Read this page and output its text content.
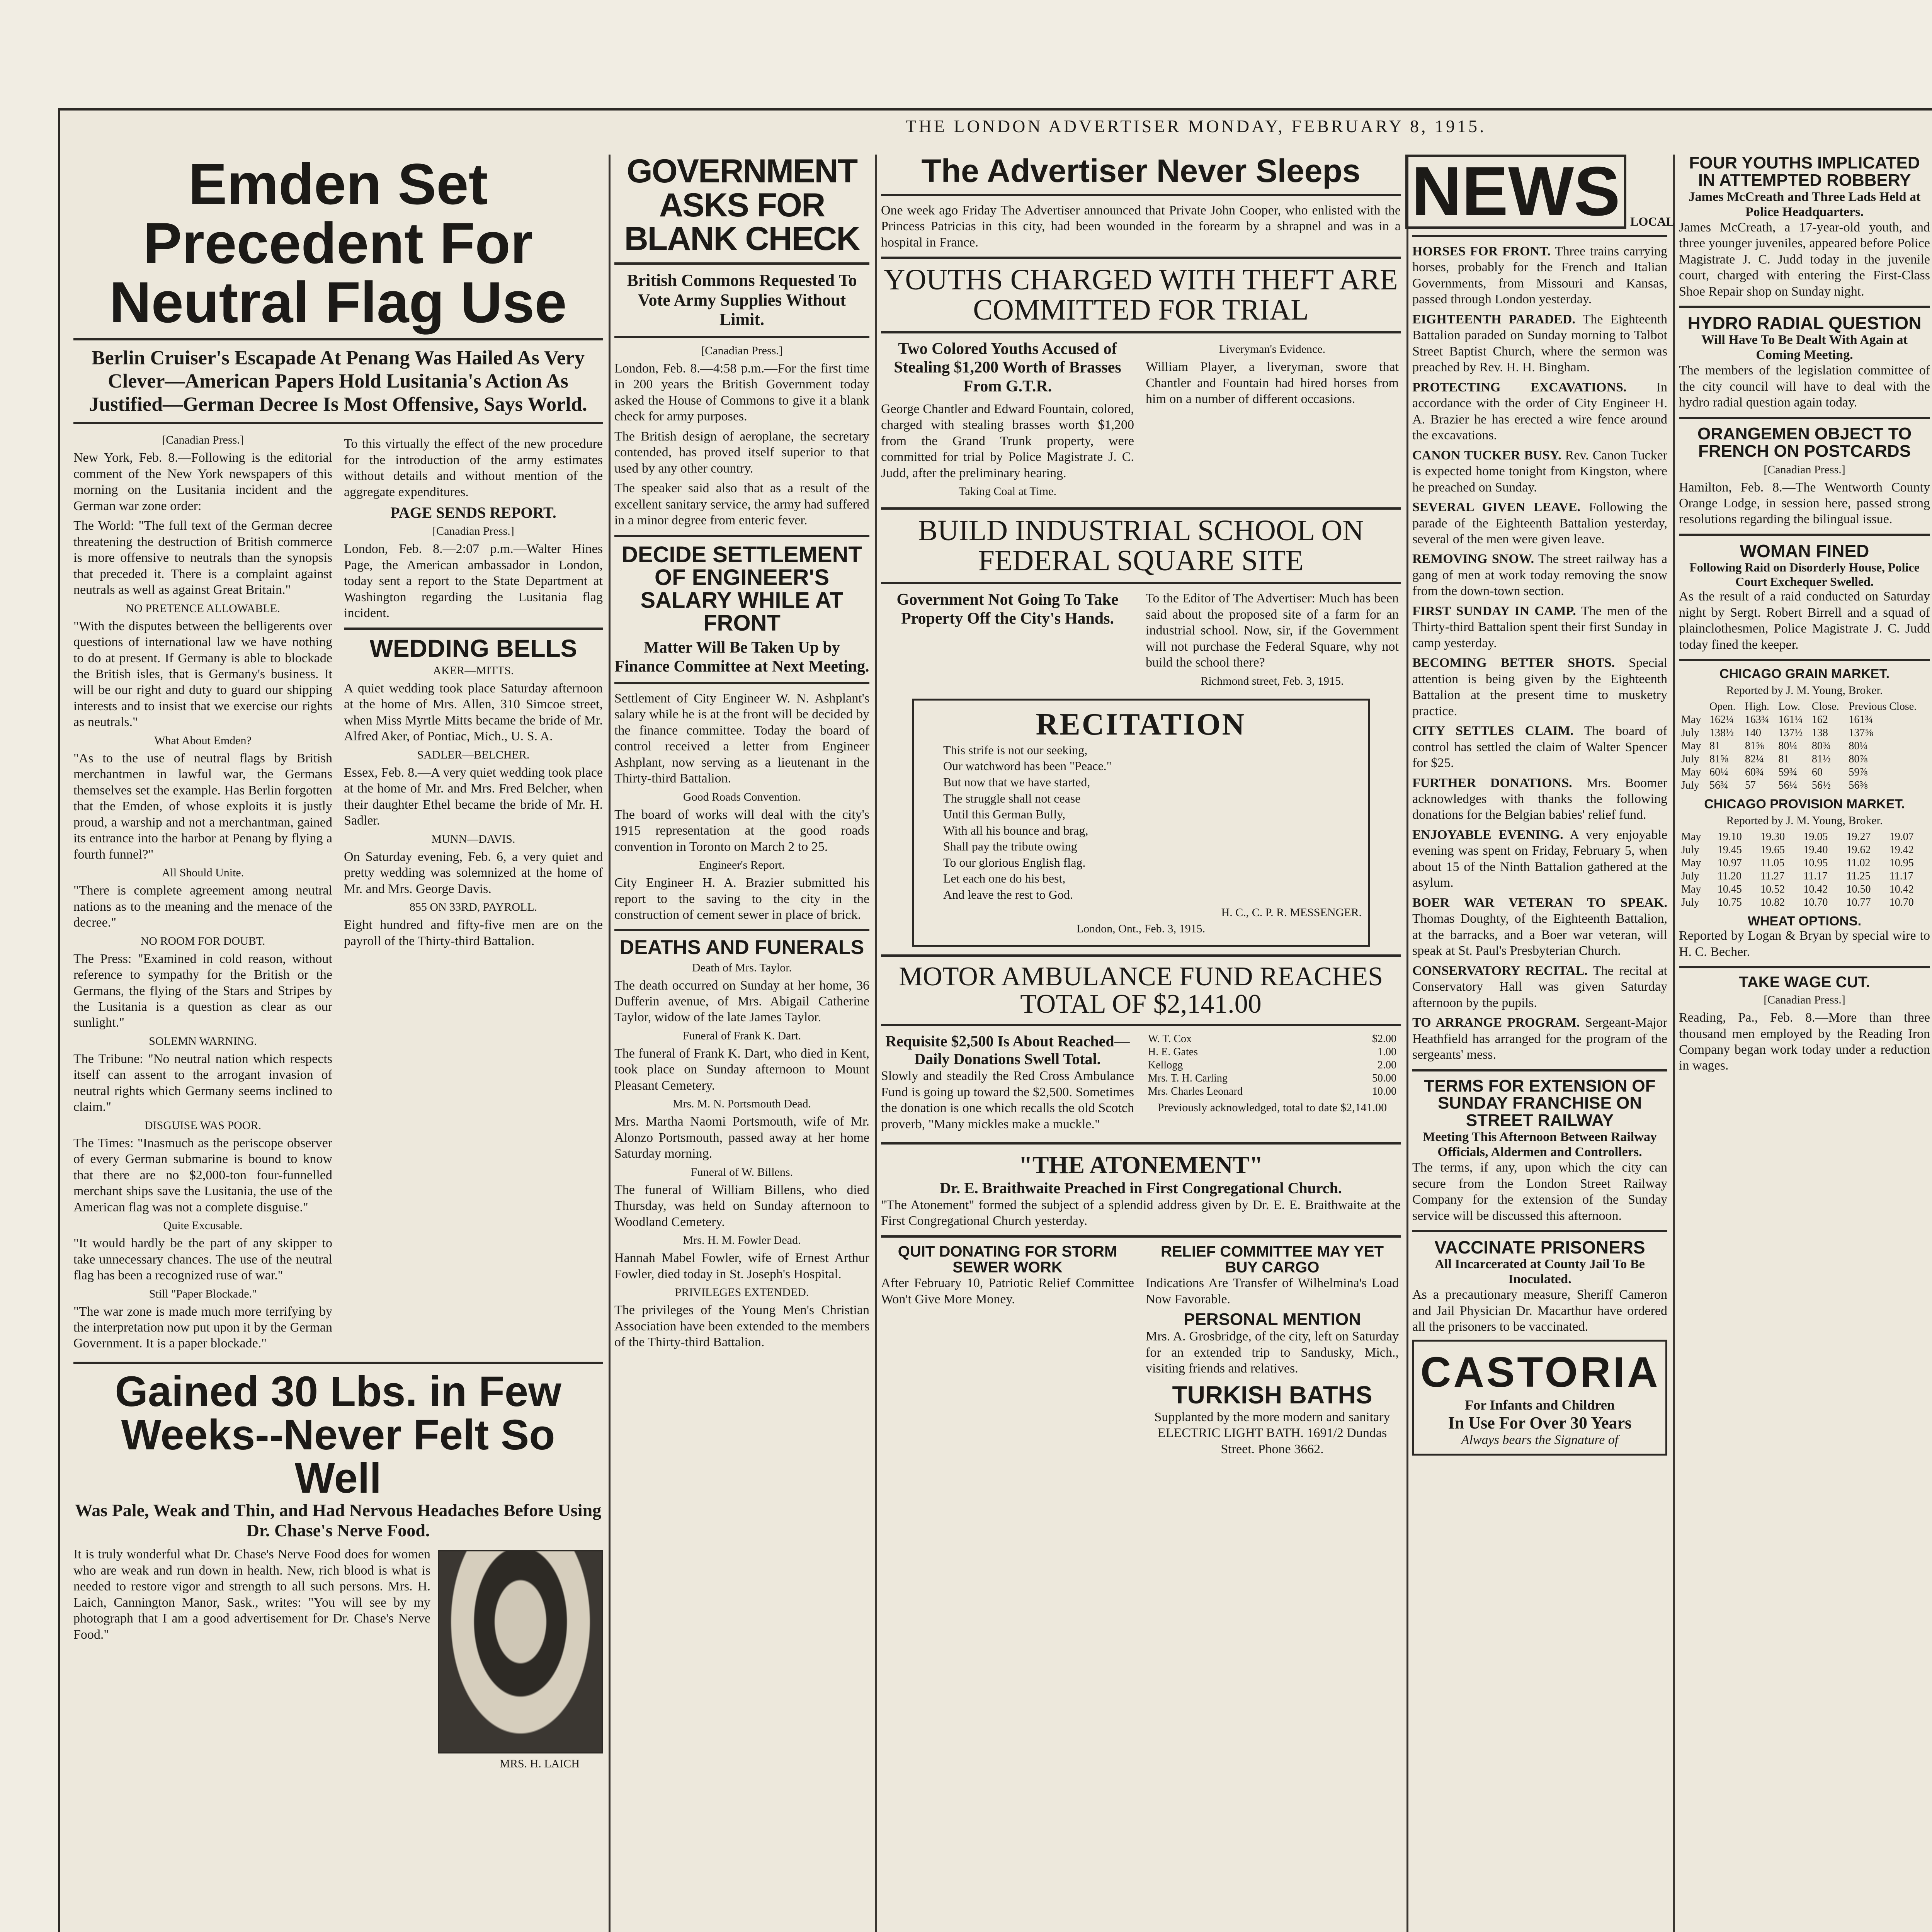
THE LONDON ADVERTISER MONDAY, FEBRUARY 8, 1915.
Emden Set Precedent For Neutral Flag Use
Berlin Cruiser's Escapade At Penang Was Hailed As Very Clever—American Papers Hold Lusitania's Action As Justified—German Decree Is Most Offensive, Says World.
[Canadian Press.]

New York, Feb. 8.—Following is the editorial comment of the New York newspapers of this morning on the Lusitania incident and the German war zone order:

The World: "The full text of the German decree threatening the destruction of British commerce is more offensive to neutrals than the synopsis that preceded it. There is a complaint against neutrals as well as against Great Britain."

NO PRETENCE ALLOWABLE.

"With the disputes between the belligerents over questions of international law we have nothing to do at present. If Germany is able to blockade the British isles, that is Germany's business. It will be our right and duty to guard our shipping interests and to insist that we exercise our rights as neutrals."

What About Emden?

"As to the use of neutral flags by British merchantmen in lawful war, the Germans themselves set the example. Has Berlin forgotten that the Emden, of whose exploits it is justly proud, a warship and not a merchantman, gained its entrance into the harbor at Penang by flying a fourth funnel?"

All Should Unite.

"There is complete agreement among neutral nations as to the meaning and the menace of the decree."

NO ROOM FOR DOUBT.

The Press: "Examined in cold reason, without reference to sympathy for the British or the Germans, the flying of the Stars and Stripes by the Lusitania is a question as clear as our sunlight."

SOLEMN WARNING.

The Tribune: "No neutral nation which respects itself can assent to the arrogant invasion of neutral rights which Germany seems inclined to claim."

DISGUISE WAS POOR.

The Times: "Inasmuch as the periscope observer of every German submarine is bound to know that there are no $2,000-ton four-funnelled merchant ships save the Lusitania, the use of the American flag was not a complete disguise."

Quite Excusable.

"It would hardly be the part of any skipper to take unnecessary chances. The use of the neutral flag has been a recognized ruse of war."

Still "Paper Blockade."

"The war zone is made much more terrifying by the interpretation now put upon it by the German Government. It is a paper blockade."

To this virtually the effect of the new procedure for the introduction of the army estimates without details and without mention of the aggregate expenditures.

PAGE SENDS REPORT.
[Canadian Press.]

London, Feb. 8.—2:07 p.m.—Walter Hines Page, the American ambassador in London, today sent a report to the State Department at Washington regarding the Lusitania flag incident.

WEDDING BELLS
AKER—MITTS.

A quiet wedding took place Saturday afternoon at the home of Mrs. Allen, 310 Simcoe street, when Miss Myrtle Mitts became the bride of Mr. Alfred Aker, of Pontiac, Mich., U. S. A.

SADLER—BELCHER.

Essex, Feb. 8.—A very quiet wedding took place at the home of Mr. and Mrs. Fred Belcher, when their daughter Ethel became the bride of Mr. H. Sadler.

MUNN—DAVIS.

On Saturday evening, Feb. 6, a very quiet and pretty wedding was solemnized at the home of Mr. and Mrs. George Davis.

855 ON 33RD, PAYROLL.

Eight hundred and fifty-five men are on the payroll of the Thirty-third Battalion.

Gained 30 Lbs. in Few Weeks--Never Felt So Well
Was Pale, Weak and Thin, and Had Nervous Headaches Before Using Dr. Chase's Nerve Food.

It is truly wonderful what Dr. Chase's Nerve Food does for women who are weak and run down in health. New, rich blood is what is needed to restore vigor and strength to all such persons. Mrs. H. Laich, Cannington Manor, Sask., writes: "You will see by my photograph that I am a good advertisement for Dr. Chase's Nerve Food."

MRS. H. LAICH
GOVERNMENT ASKS FOR BLANK CHECK
British Commons Requested To Vote Army Supplies Without Limit.
[Canadian Press.]

London, Feb. 8.—4:58 p.m.—For the first time in 200 years the British Government today asked the House of Commons to give it a blank check for army purposes.

The British design of aeroplane, the secretary contended, has proved itself superior to that used by any other country.

The speaker said also that as a result of the excellent sanitary service, the army had suffered in a minor degree from enteric fever.

DECIDE SETTLEMENT OF ENGINEER'S SALARY WHILE AT FRONT
Matter Will Be Taken Up by Finance Committee at Next Meeting.

Settlement of City Engineer W. N. Ashplant's salary while he is at the front will be decided by the finance committee. Today the board of control received a letter from Engineer Ashplant, now serving as a lieutenant in the Thirty-third Battalion.

Good Roads Convention.

The board of works will deal with the city's 1915 representation at the good roads convention in Toronto on March 2 to 25.

Engineer's Report.

City Engineer H. A. Brazier submitted his report to the saving to the city in the construction of cement sewer in place of brick.

DEATHS AND FUNERALS
Death of Mrs. Taylor.

The death occurred on Sunday at her home, 36 Dufferin avenue, of Mrs. Abigail Catherine Taylor, widow of the late James Taylor.

Funeral of Frank K. Dart.

The funeral of Frank K. Dart, who died in Kent, took place on Sunday afternoon to Mount Pleasant Cemetery.

Mrs. M. N. Portsmouth Dead.

Mrs. Martha Naomi Portsmouth, wife of Mr. Alonzo Portsmouth, passed away at her home Saturday morning.

Funeral of W. Billens.

The funeral of William Billens, who died Thursday, was held on Sunday afternoon to Woodland Cemetery.

Mrs. H. M. Fowler Dead.

Hannah Mabel Fowler, wife of Ernest Arthur Fowler, died today in St. Joseph's Hospital.

PRIVILEGES EXTENDED.

The privileges of the Young Men's Christian Association have been extended to the members of the Thirty-third Battalion.

The Advertiser Never Sleeps

One week ago Friday The Advertiser announced that Private John Cooper, who enlisted with the Princess Patricias in this city, had been wounded in the forearm by a shrapnel and was in a hospital in France.

YOUTHS CHARGED WITH THEFT ARE COMMITTED FOR TRIAL
Two Colored Youths Accused of Stealing $1,200 Worth of Brasses From G.T.R.

George Chantler and Edward Fountain, colored, charged with stealing brasses worth $1,200 from the Grand Trunk property, were committed for trial by Police Magistrate J. C. Judd, after the preliminary hearing.

Taking Coal at Time.
Liveryman's Evidence.

William Player, a liveryman, swore that Chantler and Fountain had hired horses from him on a number of different occasions.

BUILD INDUSTRIAL SCHOOL ON FEDERAL SQUARE SITE
Government Not Going To Take Property Off the City's Hands.

To the Editor of The Advertiser: Much has been said about the proposed site of a farm for an industrial school. Now, sir, if the Government will not purchase the Federal Square, why not build the school there?

Richmond street, Feb. 3, 1915.
RECITATION
This strife is not our seeking,
Our watchword has been "Peace."
But now that we have started,
The struggle shall not cease
Until this German Bully,
With all his bounce and brag,
Shall pay the tribute owing
To our glorious English flag.
Let each one do his best,
And leave the rest to God.
H. C., C. P. R. MESSENGER.
London, Ont., Feb. 3, 1915.
MOTOR AMBULANCE FUND REACHES TOTAL OF $2,141.00
Requisite $2,500 Is About Reached—Daily Donations Swell Total.

Slowly and steadily the Red Cross Ambulance Fund is going up toward the $2,500. Sometimes the donation is one which recalls the old Scotch proverb, "Many mickles make a muckle."

W. T. Cox	$2.00
H. E. Gates	1.00
Kellogg	2.00
Mrs. T. H. Carling	50.00
Mrs. Charles Leonard	10.00
Previously acknowledged, total to date $2,141.00
"THE ATONEMENT"
Dr. E. Braithwaite Preached in First Congregational Church.

"The Atonement" formed the subject of a splendid address given by Dr. E. E. Braithwaite at the First Congregational Church yesterday.

QUIT DONATING FOR STORM SEWER WORK

After February 10, Patriotic Relief Committee Won't Give More Money.

RELIEF COMMITTEE MAY YET BUY CARGO

Indications Are Transfer of Wilhelmina's Load Now Favorable.

PERSONAL MENTION

Mrs. A. Grosbridge, of the city, left on Saturday for an extended trip to Sandusky, Mich., visiting friends and relatives.

TURKISH BATHS

Supplanted by the more modern and sanitary ELECTRIC LIGHT BATH. 1691/2 Dundas Street. Phone 3662.

NEWS LOCAL

HORSES FOR FRONT. Three trains carrying horses, probably for the French and Italian Governments, from Missouri and Kansas, passed through London yesterday.

EIGHTEENTH PARADED. The Eighteenth Battalion paraded on Sunday morning to Talbot Street Baptist Church, where the sermon was preached by Rev. H. H. Bingham.

PROTECTING EXCAVATIONS. In accordance with the order of City Engineer H. A. Brazier he has erected a wire fence around the excavations.

CANON TUCKER BUSY. Rev. Canon Tucker is expected home tonight from Kingston, where he preached on Sunday.

SEVERAL GIVEN LEAVE. Following the parade of the Eighteenth Battalion yesterday, several of the men were given leave.

REMOVING SNOW. The street railway has a gang of men at work today removing the snow from the down-town section.

FIRST SUNDAY IN CAMP. The men of the Thirty-third Battalion spent their first Sunday in camp yesterday.

BECOMING BETTER SHOTS. Special attention is being given by the Eighteenth Battalion at the present time to musketry practice.

CITY SETTLES CLAIM. The board of control has settled the claim of Walter Spencer for $25.

FURTHER DONATIONS. Mrs. Boomer acknowledges with thanks the following donations for the Belgian babies' relief fund.

ENJOYABLE EVENING. A very enjoyable evening was spent on Friday, February 5, when about 15 of the Ninth Battalion gathered at the asylum.

BOER WAR VETERAN TO SPEAK. Thomas Doughty, of the Eighteenth Battalion, at the barracks, and a Boer war veteran, will speak at St. Paul's Presbyterian Church.

CONSERVATORY RECITAL. The recital at Conservatory Hall was given Saturday afternoon by the pupils.

TO ARRANGE PROGRAM. Sergeant-Major Heathfield has arranged for the program of the sergeants' mess.

TERMS FOR EXTENSION OF SUNDAY FRANCHISE ON STREET RAILWAY
Meeting This Afternoon Between Railway Officials, Aldermen and Controllers.

The terms, if any, upon which the city can secure from the London Street Railway Company for the extension of the Sunday service will be discussed this afternoon.

VACCINATE PRISONERS
All Incarcerated at County Jail To Be Inoculated.

As a precautionary measure, Sheriff Cameron and Jail Physician Dr. Macarthur have ordered all the prisoners to be vaccinated.

CASTORIA
For Infants and Children
In Use For Over 30 Years
Always bears the Signature of
FOUR YOUTHS IMPLICATED IN ATTEMPTED ROBBERY
James McCreath and Three Lads Held at Police Headquarters.

James McCreath, a 17-year-old youth, and three younger juveniles, appeared before Police Magistrate J. C. Judd today in the juvenile court, charged with entering the First-Class Shoe Repair shop on Sunday night.

HYDRO RADIAL QUESTION
Will Have To Be Dealt With Again at Coming Meeting.

The members of the legislation committee of the city council will have to deal with the hydro radial question again today.

ORANGEMEN OBJECT TO FRENCH ON POSTCARDS
[Canadian Press.]

Hamilton, Feb. 8.—The Wentworth County Orange Lodge, in session here, passed strong resolutions regarding the bilingual issue.

WOMAN FINED
Following Raid on Disorderly House, Police Court Exchequer Swelled.

As the result of a raid conducted on Saturday night by Sergt. Robert Birrell and a squad of plainclothesmen, Police Magistrate J. C. Judd today fined the keeper.

CHICAGO GRAIN MARKET.
Reported by J. M. Young, Broker.
	Open.	High.	Low.	Close.	Previous Close.
May	162¼	163¾	161¼	162	161¾
July	138½	140	137½	138	137⅝
May	81	81⅝	80¼	80¾	80¼
July	81⅝	82¼	81	81½	80⅞
May	60¼	60¾	59¾	60	59⅞
July	56¾	57	56¼	56½	56⅜
CHICAGO PROVISION MARKET.
Reported by J. M. Young, Broker.
May	19.10	19.30	19.05	19.27	19.07
July	19.45	19.65	19.40	19.62	19.42
May	10.97	11.05	10.95	11.02	10.95
July	11.20	11.27	11.17	11.25	11.17
May	10.45	10.52	10.42	10.50	10.42
July	10.75	10.82	10.70	10.77	10.70
WHEAT OPTIONS.

Reported by Logan & Bryan by special wire to H. C. Becher.

TAKE WAGE CUT.
[Canadian Press.]

Reading, Pa., Feb. 8.—More than three thousand men employed by the Reading Iron Company began work today under a reduction in wages.
